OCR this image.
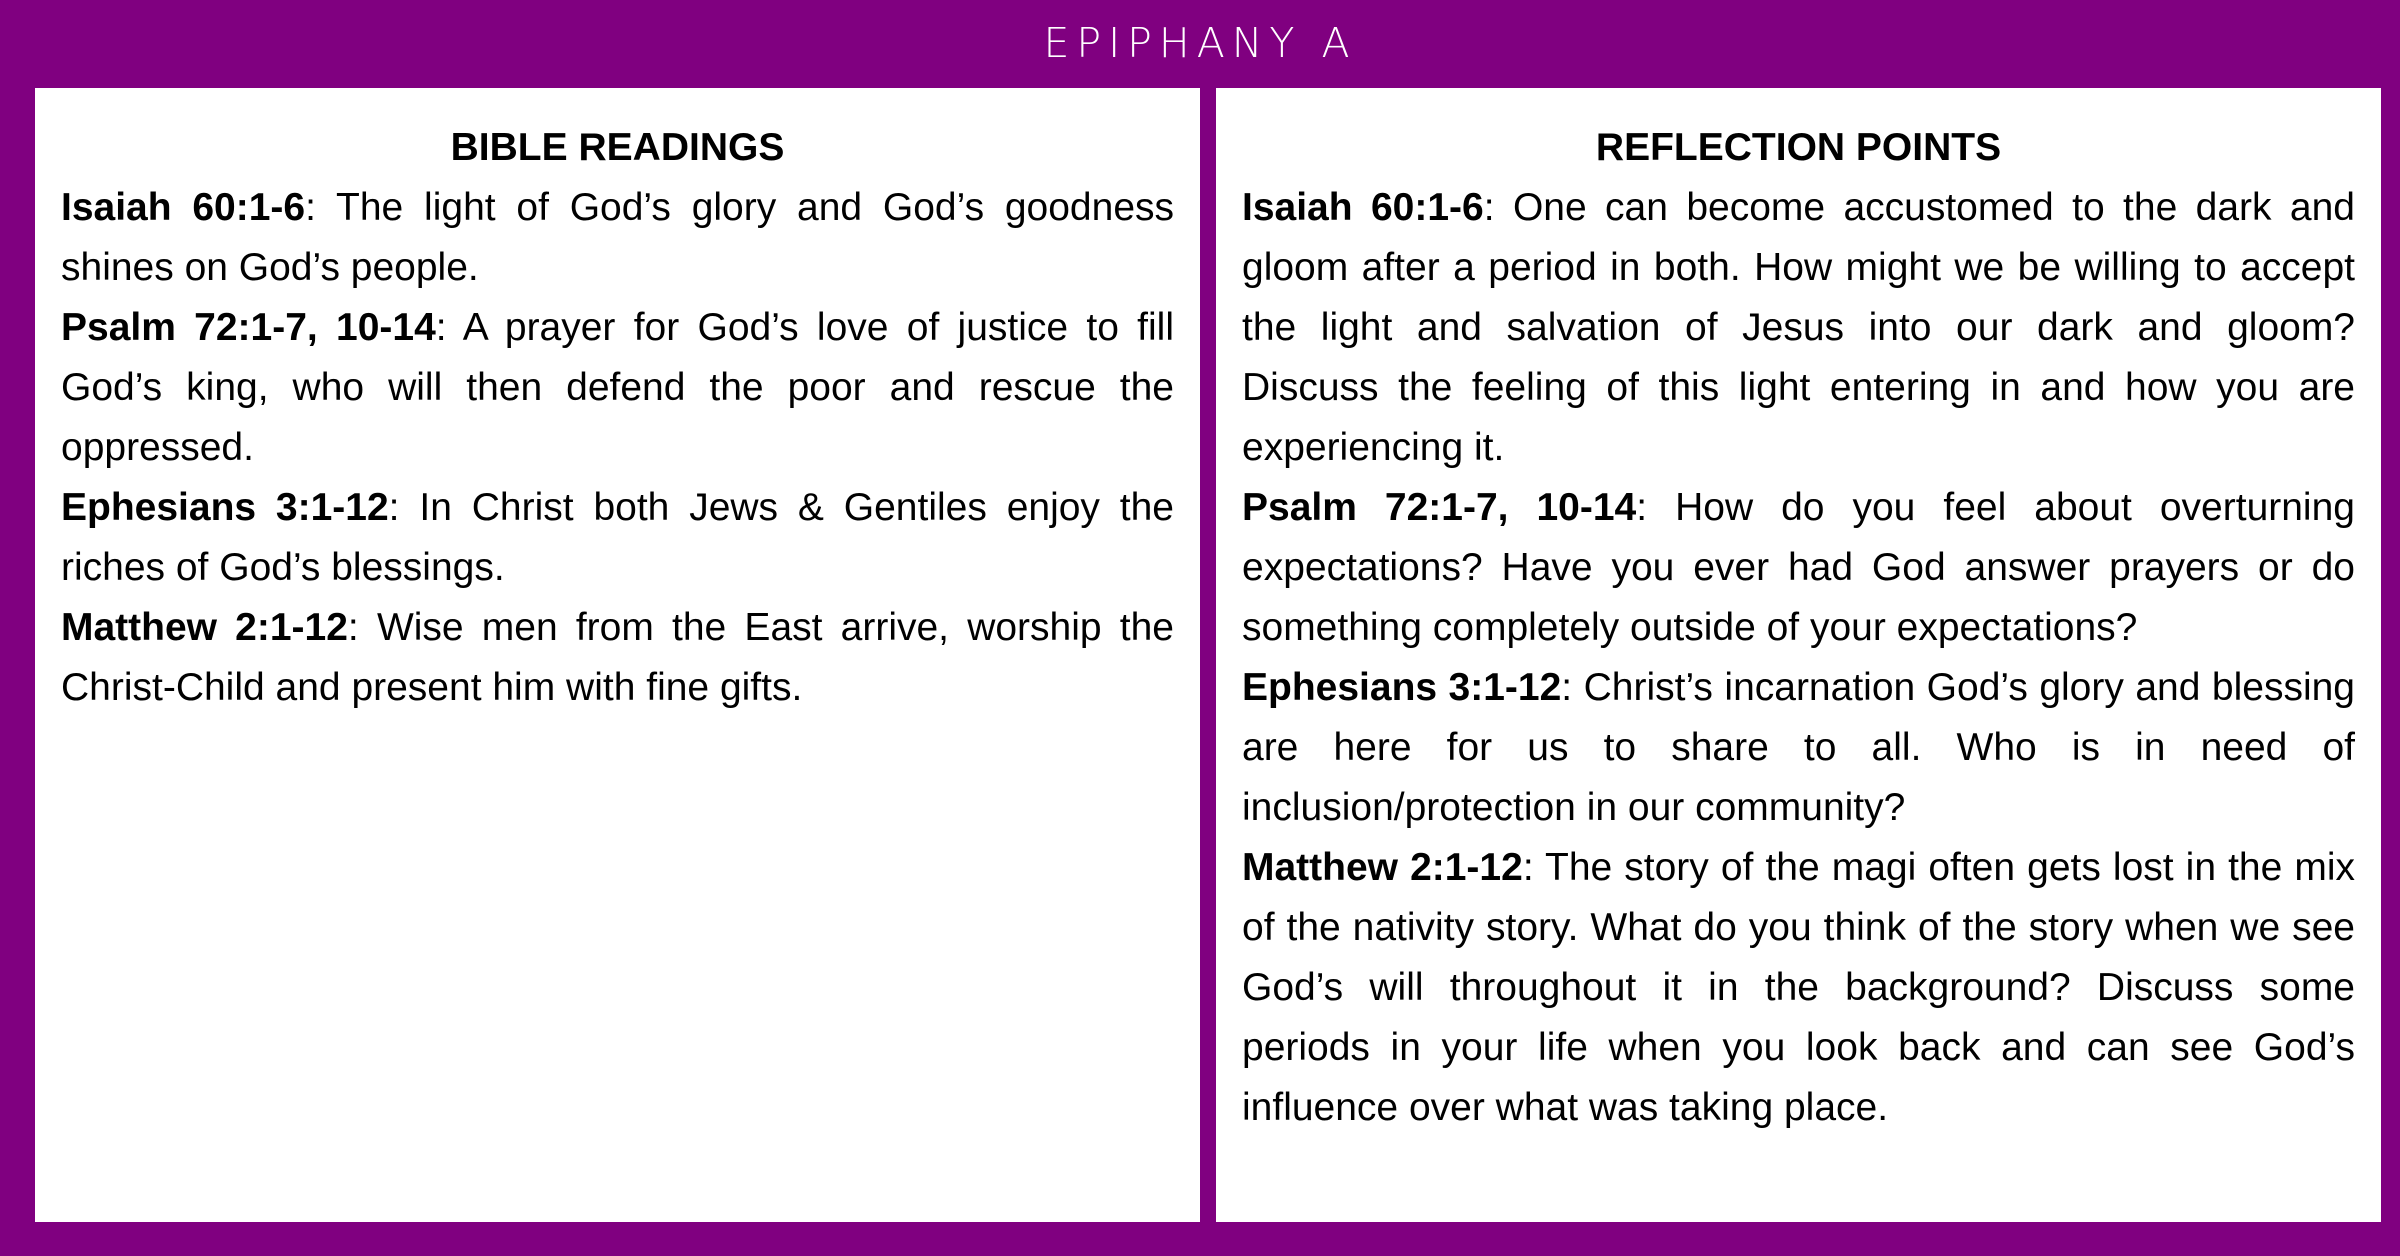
EPIPHANY A
BIBLE READINGS

Isaiah 60:1-6: The light of God’s glory and God’s goodness shines on God’s people.

Psalm 72:1-7, 10-14: A prayer for God’s love of justice to fill God’s king, who will then defend the poor and rescue the oppressed.

Ephesians 3:1-12: In Christ both Jews & Gentiles enjoy the riches of God’s blessings.

Matthew 2:1-12: Wise men from the East arrive, worship the Christ-Child and present him with fine gifts.

REFLECTION POINTS

Isaiah 60:1-6: One can become accustomed to the dark and gloom after a period in both. How might we be willing to accept the light and salvation of Jesus into our dark and gloom? Discuss the feeling of this light entering in and how you are experiencing it.

Psalm 72:1-7, 10-14: How do you feel about overturning expectations? Have you ever had God answer prayers or do something completely outside of your expectations?

Ephesians 3:1-12: Christ’s incarnation God’s glory and blessing are here for us to share to all. Who is in need of inclusion/protection in our community?

Matthew 2:1-12: The story of the magi often gets lost in the mix of the nativity story. What do you think of the story when we see God’s will throughout it in the background? Discuss some periods in your life when you look back and can see God’s influence over what was taking place.
